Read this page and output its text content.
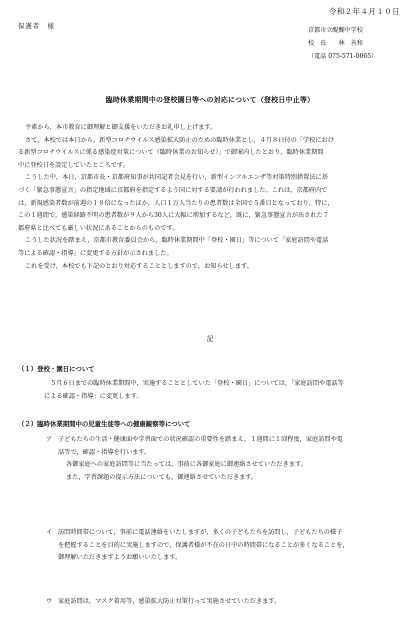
令和２年４月１０日
保護者　様
京都市立醍醐中学校
校　長　　林　善和
（電話 075-571-0065）
臨時休業期間中の登校園日等への対応について（登校日中止等）

平素から，本市教育に御理解と御支援をいただきお礼申し上げます。

さて，本校では本日から，新型コロナウイルス感染拡大防止のための臨時休業とし，４月８日付の「学校におけ

る新型コロナウイルスに係る感染症対策について（臨時休業のお知らせ）」で御案内したとおり，臨時休業期間

中に登校日を設定していたところです。

こうした中，本日，京都市長・京都府知事が共同記者会見を行い，新型インフルエンザ等対策特別措置法に基

づく「緊急事態宣言」の指定地域に京都府を指定するよう国に対する要請が行われました。これは，京都府内で

は，新規感染者数が前週の１８倍になったほか，人口１万人当たりの患者数は全国で５番目となっており，特に，

この１週間で，感染経路不明の患者数が９人から30人に大幅に増加するなど，既に，緊急事態宣言が出された７

都府県と比べても厳しい状況にあることからのものです。

こうした状況を踏まえ，京都市教育委員会から，臨時休業期間中「登校・園日」等について「家庭訪問や電話

等による確認・指導」に変更する方針が示されました。

これを受け，本校でも下記のとおり対応することとしますので，お知らせします。

記
（１）登校・園日について

５月６日までの臨時休業期間中，実施することとしていた「登校・園日」については，「家庭訪問や電話等

による確認・指導」に変更します。

（２）臨時休業期間中の児童生徒等への健康観察等について
ア 子どもたちの生活・健康面や学習面での状況確認の重要性を踏まえ，１週間に１回程度，家庭訪問や電

話等で，確認・指導を行います。

各御家庭への家庭訪問等に当たっては，事前に各御家庭に御連絡させていただきます。

また，学習課題の提示方法についても，御連絡させていただきます。

イ 訪問時間帯について，事前に電話連絡をいたしますが，多くの子どもたちを訪問し，子どもたちの様子

を把握することを目的に実施しますので，保護者様が不在の日中の時間帯になることが多くなることを，

御理解いただきますようお願いいたします。

ウ 家庭訪問は，マスク着用等，感染拡大防止対策行って実施させていただきます。
